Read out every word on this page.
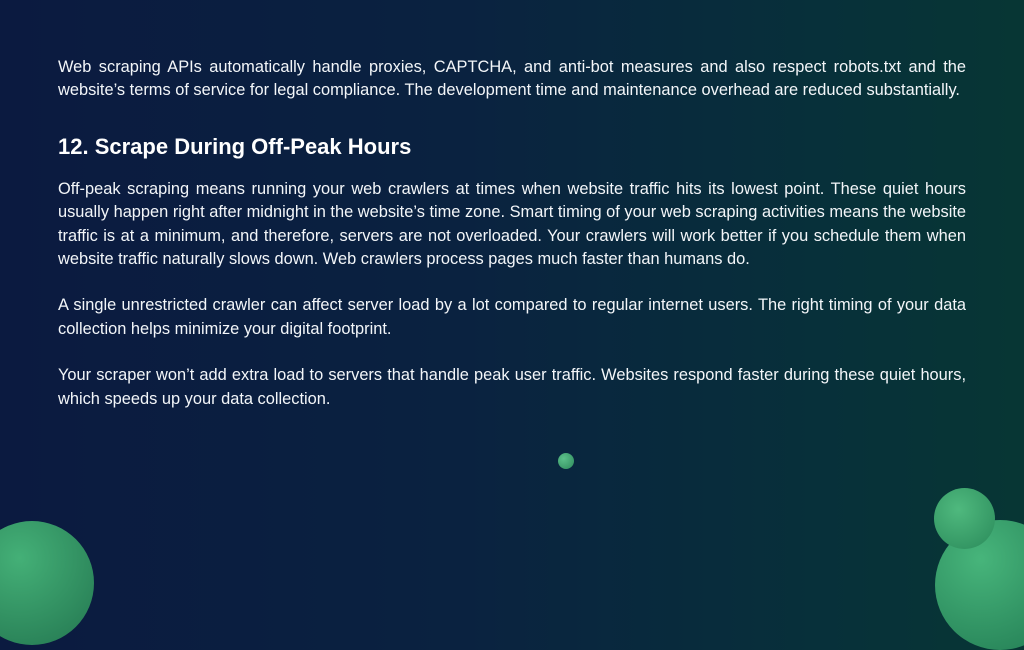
Web scraping APIs automatically handle proxies, CAPTCHA, and anti-bot measures and also respect robots.txt and the website’s terms of service for legal compliance. The development time and maintenance overhead are reduced substantially.

12. Scrape During Off-Peak Hours

Off-peak scraping means running your web crawlers at times when website traffic hits its lowest point. These quiet hours usually happen right after midnight in the website’s time zone. Smart timing of your web scraping activities means the website traffic is at a minimum, and therefore, servers are not overloaded. Your crawlers will work better if you schedule them when website traffic naturally slows down. Web crawlers process pages much faster than humans do.

A single unrestricted crawler can affect server load by a lot compared to regular internet users. The right timing of your data collection helps minimize your digital footprint.

Your scraper won’t add extra load to servers that handle peak user traffic. Websites respond faster during these quiet hours, which speeds up your data collection.
